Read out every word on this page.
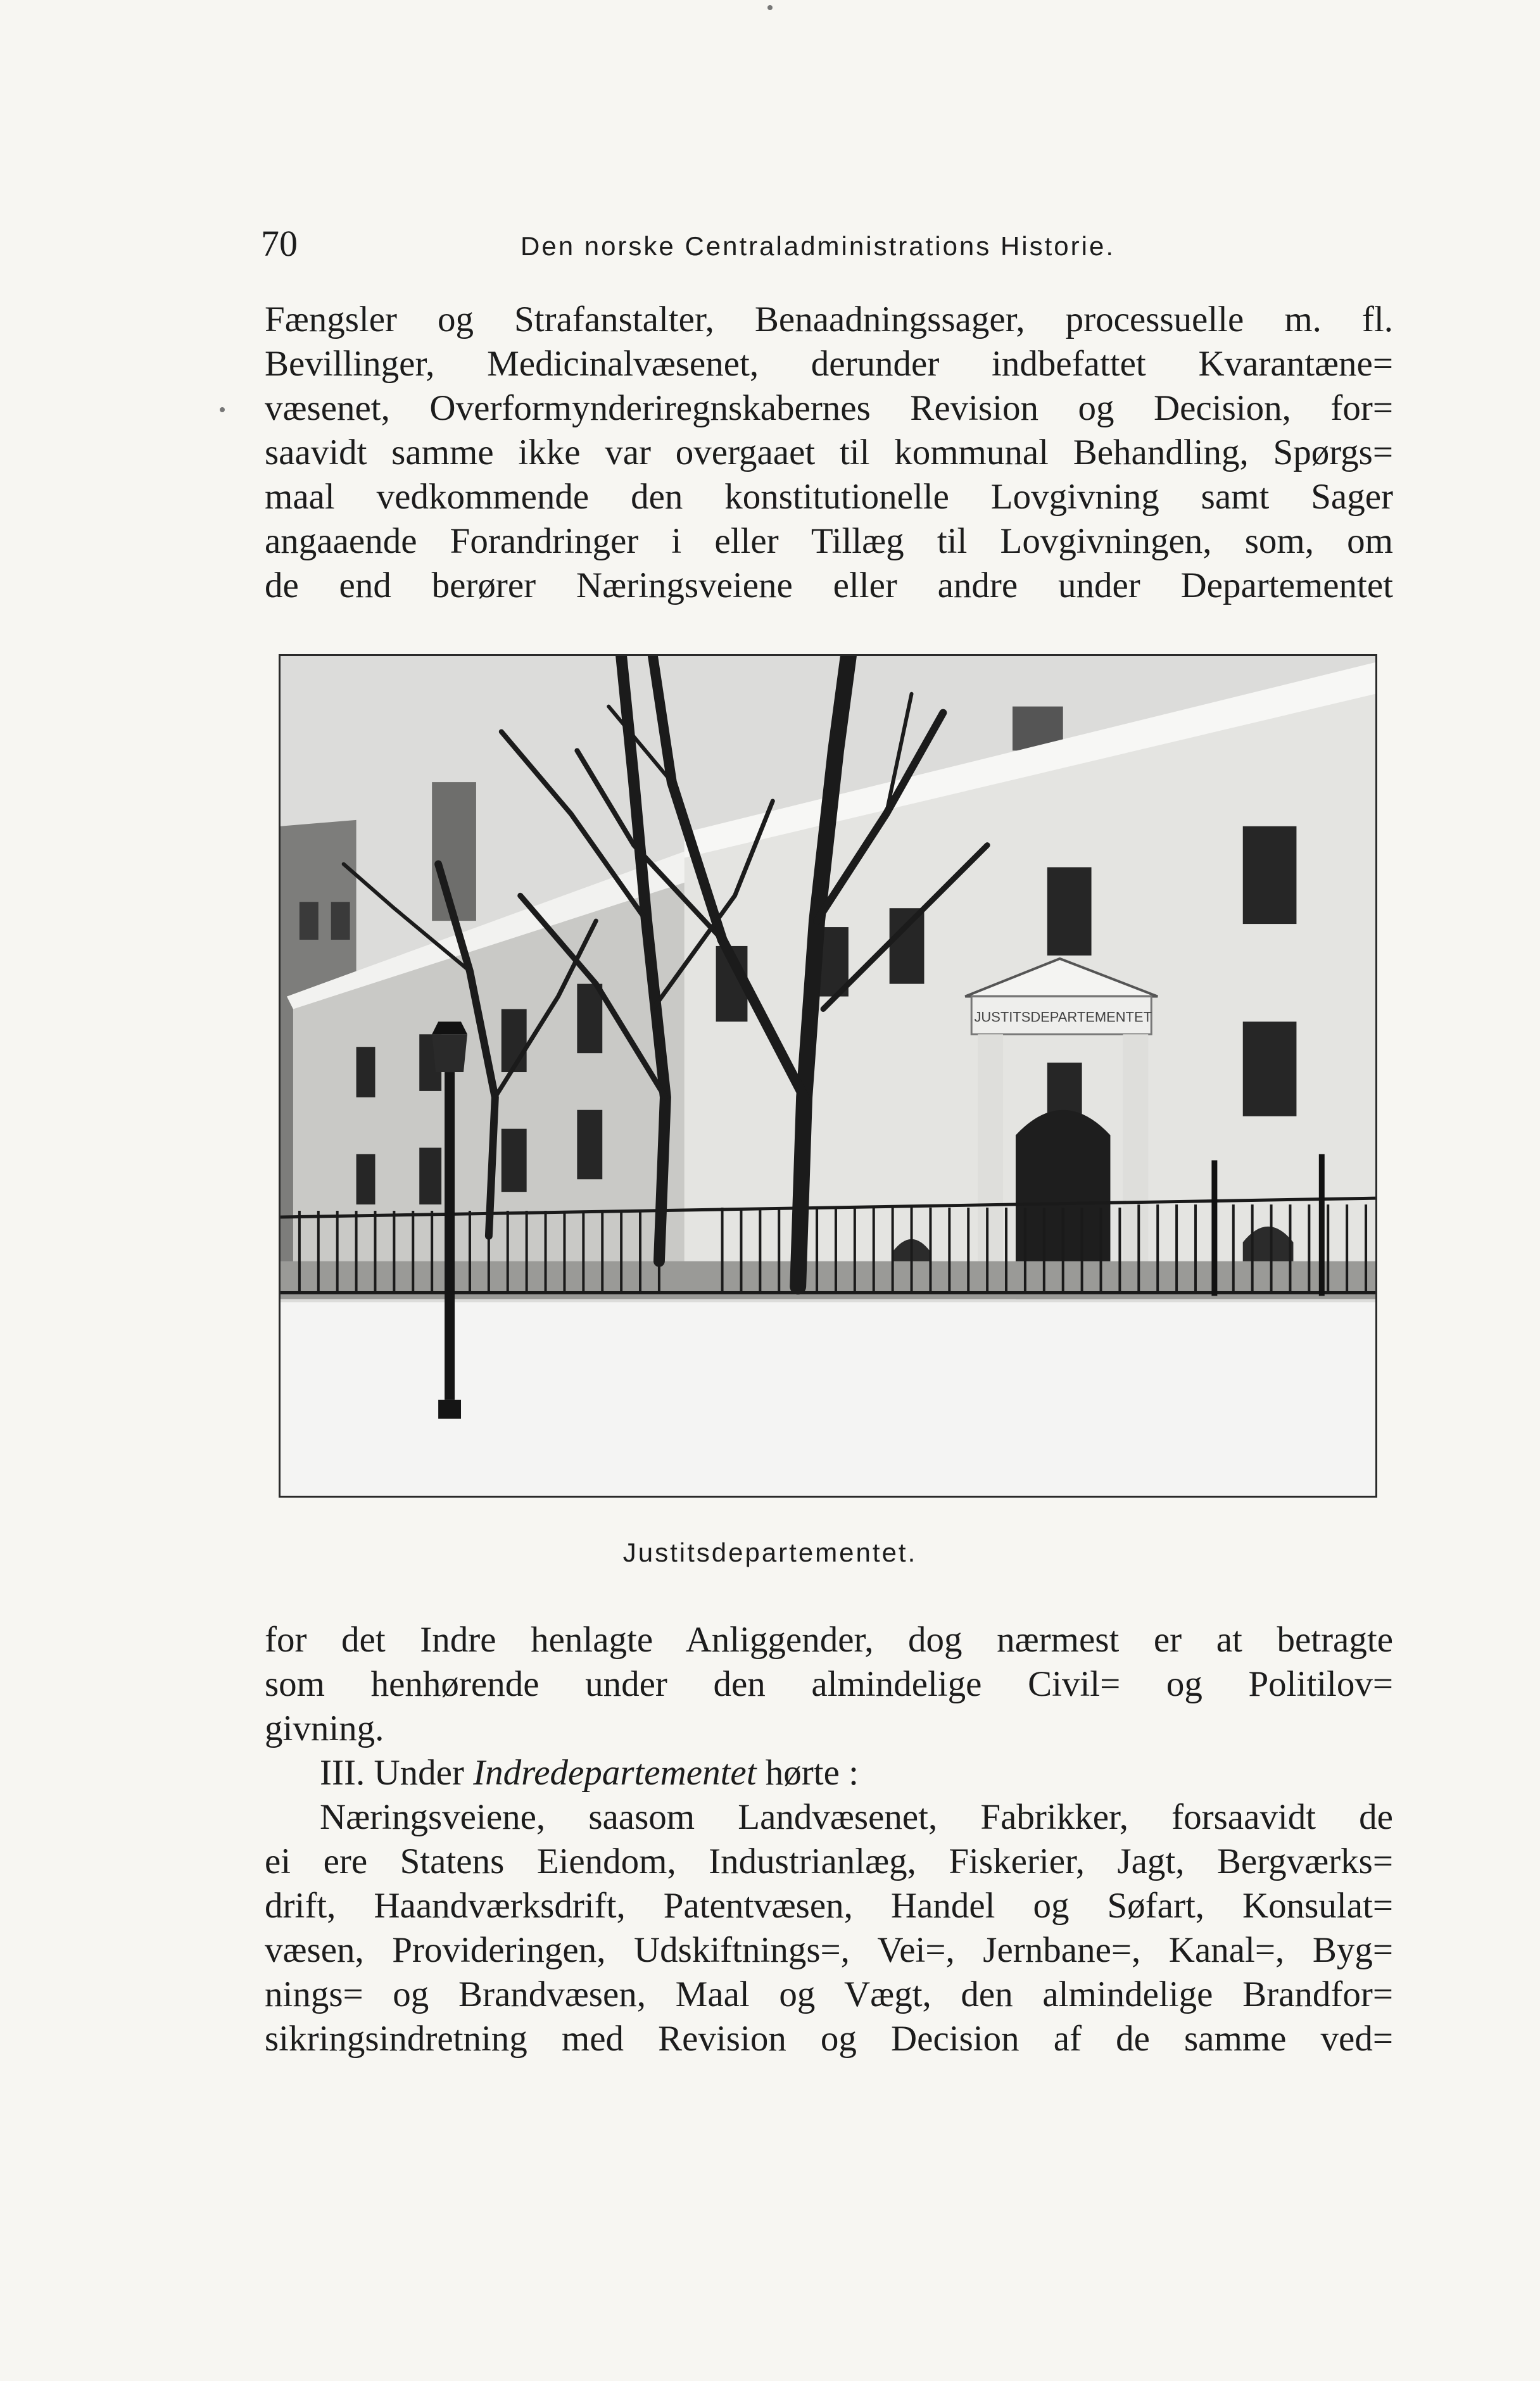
70	Den norske Centraladministrations Historie.
Fængsler og Strafanstalter, Benaadningssager, processuelle m. fl.
Bevillinger, Medicinalvæsenet, derunder indbefattet Kvarantæne=
væsenet, Overformynderiregnskabernes Revision og Decision, for=
saavidt samme ikke var overgaaet til kommunal Behandling, Spørgs=
maal vedkommende den konstitutionelle Lovgivning samt Sager
angaaende Forandringer i eller Tillæg til Lovgivningen, som, om
de end berører Næringsveiene eller andre under Departementet
JUSTITSDEPARTEMENTET
Justitsdepartementet.
for det Indre henlagte Anliggender, dog nærmest er at betragte
som henhørende under den almindelige Civil= og Politilov=
givning.
III. Under Indredepartementet hørte :
Næringsveiene, saasom Landvæsenet, Fabrikker, forsaavidt de
ei ere Statens Eiendom, Industrianlæg, Fiskerier, Jagt, Bergværks=
drift, Haandværksdrift, Patentvæsen, Handel og Søfart, Konsulat=
væsen, Provideringen, Udskiftnings=, Vei=, Jernbane=, Kanal=, Byg=
nings= og Brandvæsen, Maal og Vægt, den almindelige Brandfor=
sikringsindretning med Revision og Decision af de samme ved=
